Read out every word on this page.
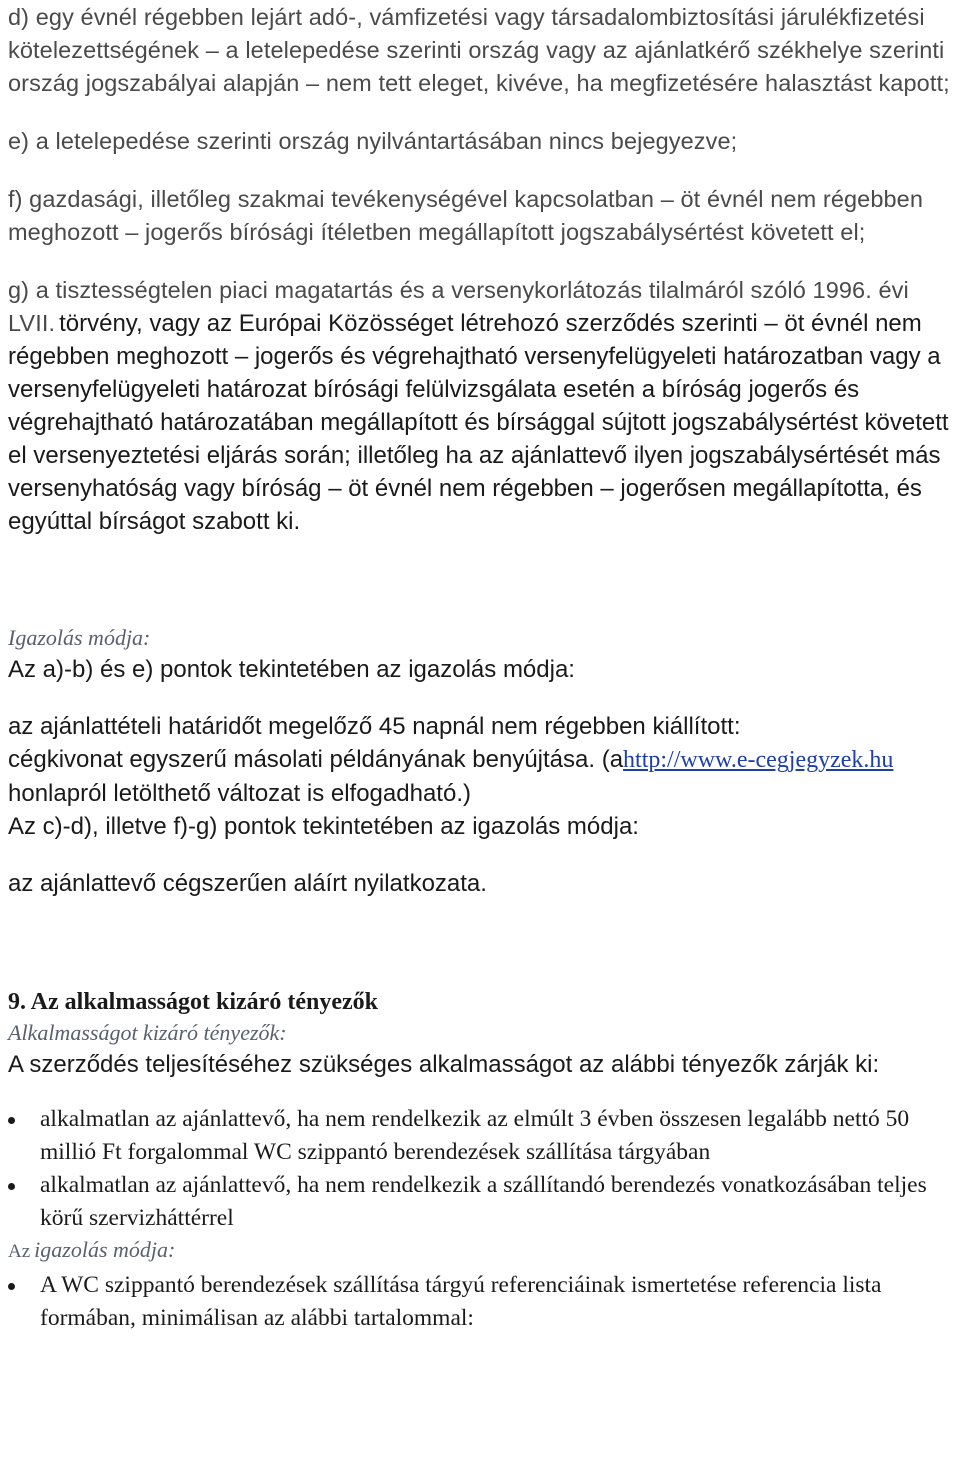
d) egy évnél régebben lejárt adó-, vámfizetési vagy társadalombiztosítási járulékfizetési kötelezettségének – a letelepedése szerinti ország vagy az ajánlatkérő székhelye szerinti ország jogszabályai alapján – nem tett eleget, kivéve, ha megfizetésére halasztást kapott;

e) a letelepedése szerinti ország nyilvántartásában nincs bejegyezve;

f) gazdasági, illetőleg szakmai tevékenységével kapcsolatban – öt évnél nem régebben meghozott – jogerős bírósági ítéletben megállapított jogszabálysértést követett el;

g) a tisztességtelen piaci magatartás és a versenykorlátozás tilalmáról szóló 1996. évi LVII. törvény, vagy az Európai Közösséget létrehozó szerződés szerinti – öt évnél nem régebben meghozott – jogerős és végrehajtható versenyfelügyeleti határozatban vagy a versenyfelügyeleti határozat bírósági felülvizsgálata esetén a bíróság jogerős és végrehajtható határozatában megállapított és bírsággal sújtott jogszabálysértést követett el versenyeztetési eljárás során; illetőleg ha az ajánlattevő ilyen jogszabálysértését más versenyhatóság vagy bíróság – öt évnél nem régebben – jogerősen megállapította, és egyúttal bírságot szabott ki.

Igazolás módja:

Az a)-b) és e) pontok tekintetében az igazolás módja:

az ajánlattételi határidőt megelőző 45 napnál nem régebben kiállított:

cégkivonat egyszerű másolati példányának benyújtása. (ahttp://www.e-cegjegyzek.hu honlapról letölthető változat is elfogadható.)

Az c)-d), illetve f)-g) pontok tekintetében az igazolás módja:

az ajánlattevő cégszerűen aláírt nyilatkozata.

9. Az alkalmasságot kizáró tényezők

Alkalmasságot kizáró tényezők:

A szerződés teljesítéséhez szükséges alkalmasságot az alábbi tényezők zárják ki:

alkalmatlan az ajánlattevő, ha nem rendelkezik az elmúlt 3 évben összesen legalább nettó 50 millió Ft forgalommal WC szippantó berendezések szállítása tárgyában
alkalmatlan az ajánlattevő, ha nem rendelkezik a szállítandó berendezés vonatkozásában teljes körű szervizháttérrel

Az igazolás módja:

A WC szippantó berendezések szállítása tárgyú referenciáinak ismertetése referencia lista formában, minimálisan az alábbi tartalommal:
